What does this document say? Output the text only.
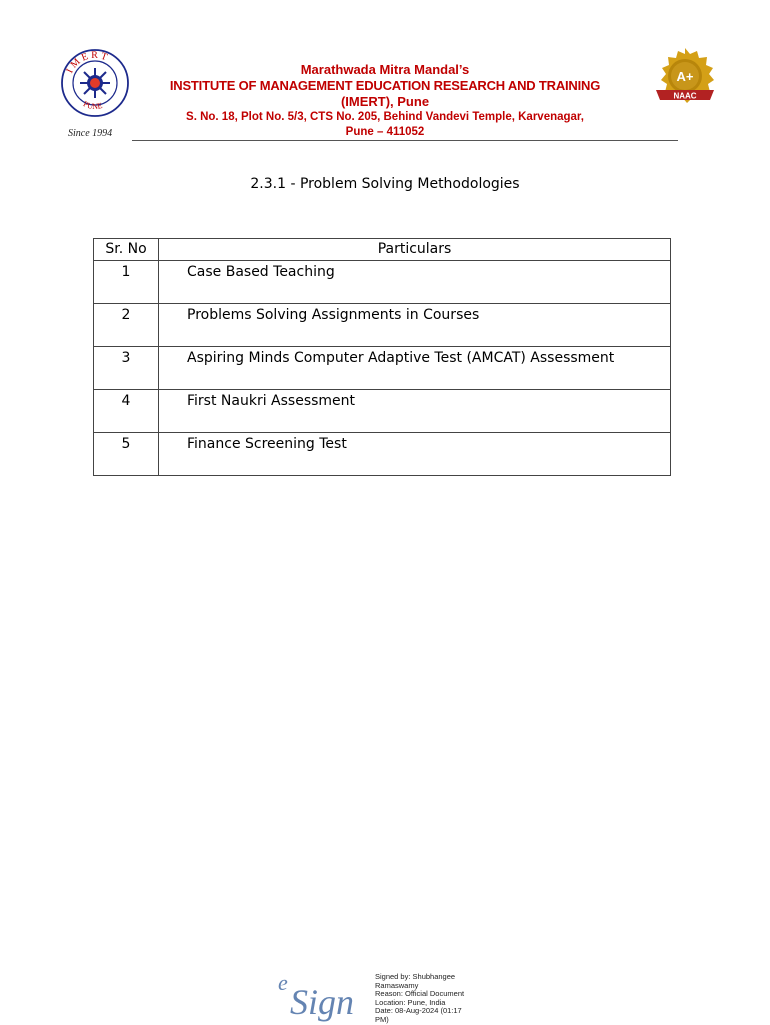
I M E R T
PUNE
Since 1994
Marathwada Mitra Mandal’s
INSTITUTE OF MANAGEMENT EDUCATION RESEARCH AND TRAINING
(IMERT), Pune
S. No. 18, Plot No. 5/3, CTS No. 205, Behind Vandevi Temple, Karvenagar,
Pune – 411052
A+
NAAC
2.3.1 - Problem Solving Methodologies
Sr. No	Particulars
1	Case Based Teaching
2	Problems Solving Assignments in Courses
3	Aspiring Minds Computer Adaptive Test (AMCAT) Assessment
4	First Naukri Assessment
5	Finance Screening Test
e Sign
Signed by: Shubhangee
Ramaswamy
Reason: Official Document
Location: Pune, India
Date: 08-Aug-2024 (01:17
PM)
